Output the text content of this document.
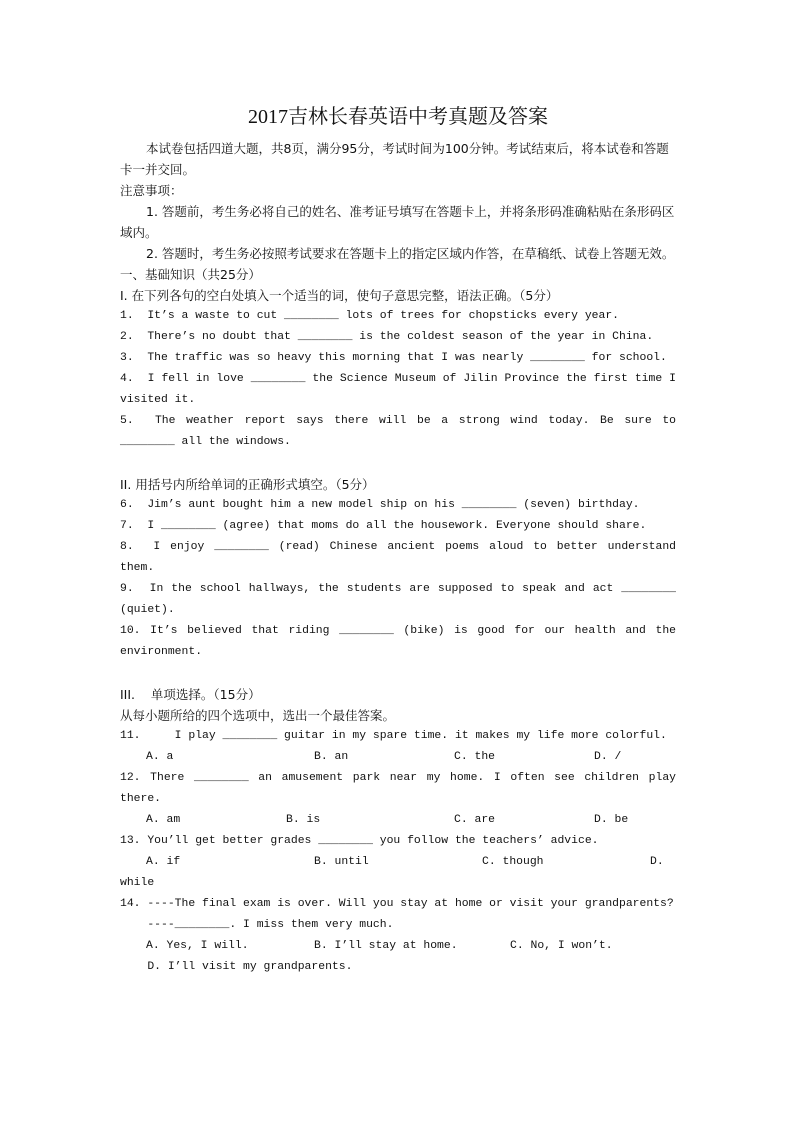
2017吉林长春英语中考真题及答案

本试卷包括四道大题，共8页，满分95分，考试时间为100分钟。考试结束后，将本试卷和答题卡一并交回。

注意事项：

1. 答题前，考生务必将自己的姓名、准考证号填写在答题卡上，并将条形码准确粘贴在条形码区域内。

2. 答题时，考生务必按照考试要求在答题卡上的指定区域内作答，在草稿纸、试卷上答题无效。

一、基础知识（共25分）

I. 在下列各句的空白处填入一个适当的词，使句子意思完整，语法正确。（5分）

1.  It’s a waste to cut ________ lots of trees for chopsticks every year.

2.  There’s no doubt that ________ is the coldest season of the year in China.

3.  The traffic was so heavy this morning that I was nearly ________ for school.

4.  I fell in love ________ the Science Museum of Jilin Province the first time I visited it.

5.  The weather report says there will be a strong wind today. Be sure to ________ all the windows.

II. 用括号内所给单词的正确形式填空。（5分）

6.  Jim’s aunt bought him a new model ship on his ________ (seven) birthday.

7.  I ________ (agree) that moms do all the housework. Everyone should share.

8.  I enjoy ________ (read) Chinese ancient poems aloud to better understand them.

9.  In the school hallways, the students are supposed to speak and act ________ (quiet).

10. It’s believed that riding ________ (bike) is good for our health and the environment.

III.    单项选择。（15分）

从每小题所给的四个选项中，选出一个最佳答案。

11.     I play ________ guitar in my spare time. it makes my life more colorful.

A. a	B. an	C. the	D. /

12. There ________ an amusement park near my home. I often see children play there.

A. am	B. is	C. are	D. be

13. You’ll get better grades ________ you follow the teachers’ advice.

A. if	B. until	C. though	D.

while

14. ----The final exam is over. Will you stay at home or visit your grandparents?

----________. I miss them very much.

A. Yes, I will.	B. I’ll stay at home.	C. No, I won’t.

D. I’ll visit my grandparents.
